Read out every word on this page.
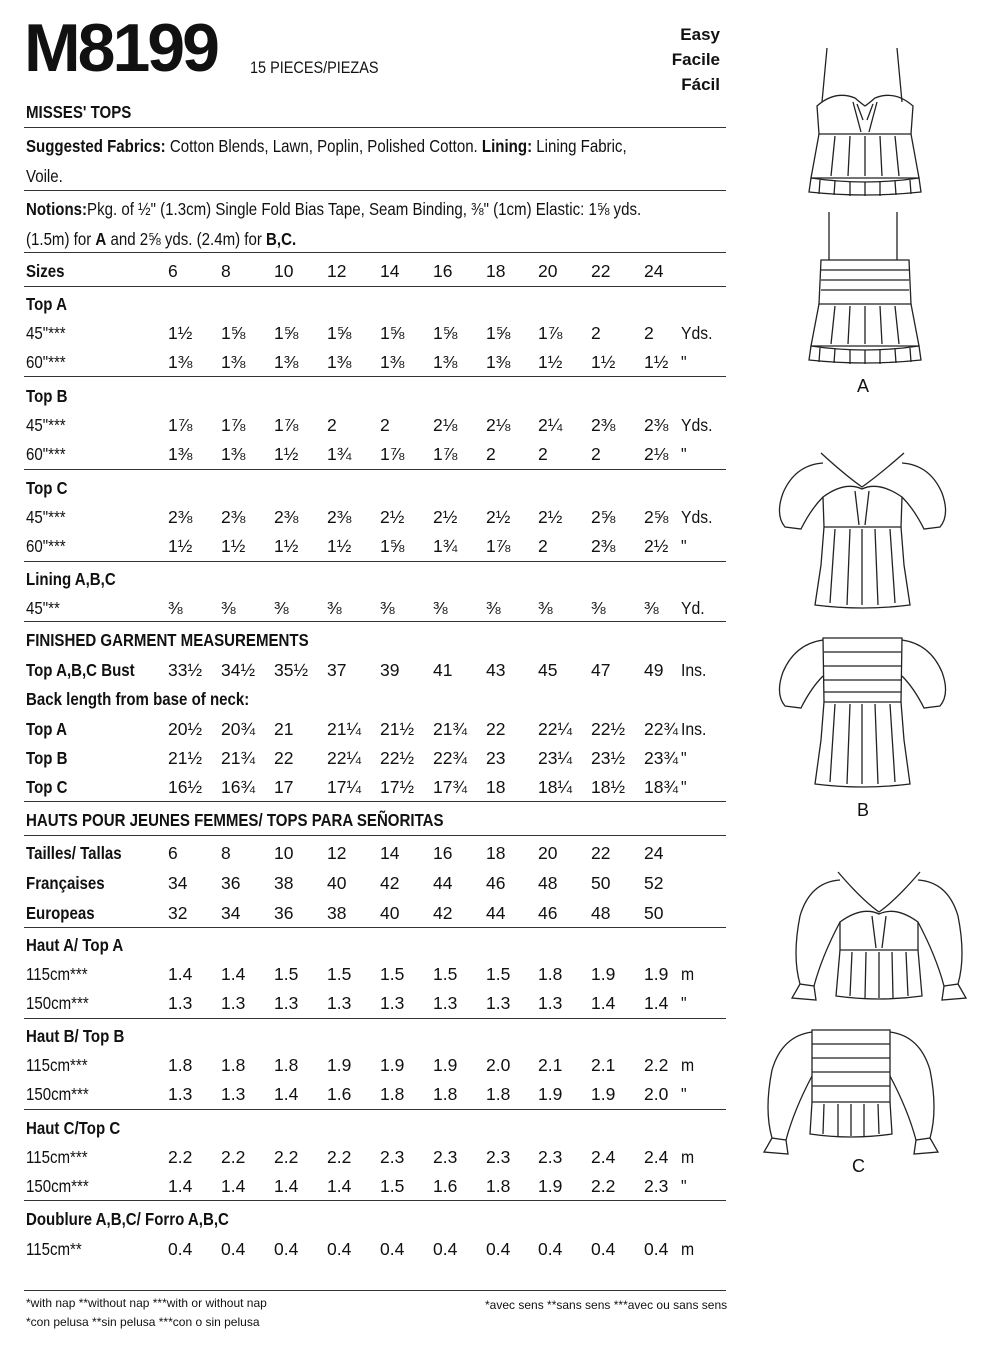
M8199 15 PIECES/PIEZAS
Easy
Facile
Fácil
MISSES' TOPS
Suggested Fabrics: Cotton Blends, Lawn, Poplin, Polished Cotton. Lining: Lining Fabric,
Voile.
Notions:Pkg. of ½" (1.3cm) Single Fold Bias Tape, Seam Binding, ⅜" (1cm) Elastic: 1⅝ yds.
(1.5m) for A and 2⅝ yds. (2.4m) for B,C.
Sizes	6	8	10	12	14	16	18	20	22	24
Top A
45"***	1½	1⅝	1⅝	1⅝	1⅝	1⅝	1⅝	1⅞	2	2	Yds.
60"***	1⅜	1⅜	1⅜	1⅜	1⅜	1⅜	1⅜	1½	1½	1½ "
Top B
45"***	1⅞	1⅞	1⅞	2	2	2⅛	2⅛	2¼	2⅜	2⅜ Yds.
60"***	1⅜	1⅜	1½	1¾	1⅞	1⅞	2	2	2	2⅛ "
Top C
45"***	2⅜	2⅜	2⅜	2⅜	2½	2½	2½	2½	2⅝	2⅝ Yds.
60"***	1½	1½	1½	1½	1⅝	1¾	1⅞	2	2⅜	2½ "
Lining A,B,C
45"**	⅜	⅜	⅜	⅜	⅜	⅜	⅜	⅜	⅜	⅜	Yd.
FINISHED GARMENT MEASUREMENTS
Top A,B,C Bust 33½	34½	35½	37	39	41	43	45	47	49	Ins.
Back length from base of neck:
Top A	20½	20¾	21	21¼	21½	21¾	22	22¼	22½	22¾ Ins.
Top B	21½	21¾	22	22¼	22½	22¾	23	23¼	23½	23¾ "
Top C	16½	16¾	17	17¼	17½	17¾	18	18¼	18½	18¾ "
HAUTS POUR JEUNES FEMMES/ TOPS PARA SEÑORITAS
Tailles/ Tallas	6	8	10	12	14	16	18	20	22	24
Françaises	34	36	38	40	42	44	46	48	50	52
Europeas	32	34	36	38	40	42	44	46	48	50
Haut A/ Top A
115cm***	1.4	1.4	1.5	1.5	1.5	1.5	1.5	1.8	1.9	1.9 m
150cm***	1.3	1.3	1.3	1.3	1.3	1.3	1.3	1.3	1.4	1.4 "
Haut B/ Top B
115cm***	1.8	1.8	1.8	1.9	1.9	1.9	2.0	2.1	2.1	2.2 m
150cm***	1.3	1.3	1.4	1.6	1.8	1.8	1.8	1.9	1.9	2.0 "
Haut C/Top C
115cm***	2.2	2.2	2.2	2.2	2.3	2.3	2.3	2.3	2.4	2.4 m
150cm***	1.4	1.4	1.4	1.4	1.5	1.6	1.8	1.9	2.2	2.3 "
Doublure A,B,C/ Forro A,B,C
115cm**	0.4	0.4	0.4	0.4	0.4	0.4	0.4	0.4	0.4	0.4 m
*with nap **without nap ***with or without nap
*con pelusa **sin pelusa ***con o sin pelusa
*avec sens **sans sens ***avec ou sans sens
A
B
C
